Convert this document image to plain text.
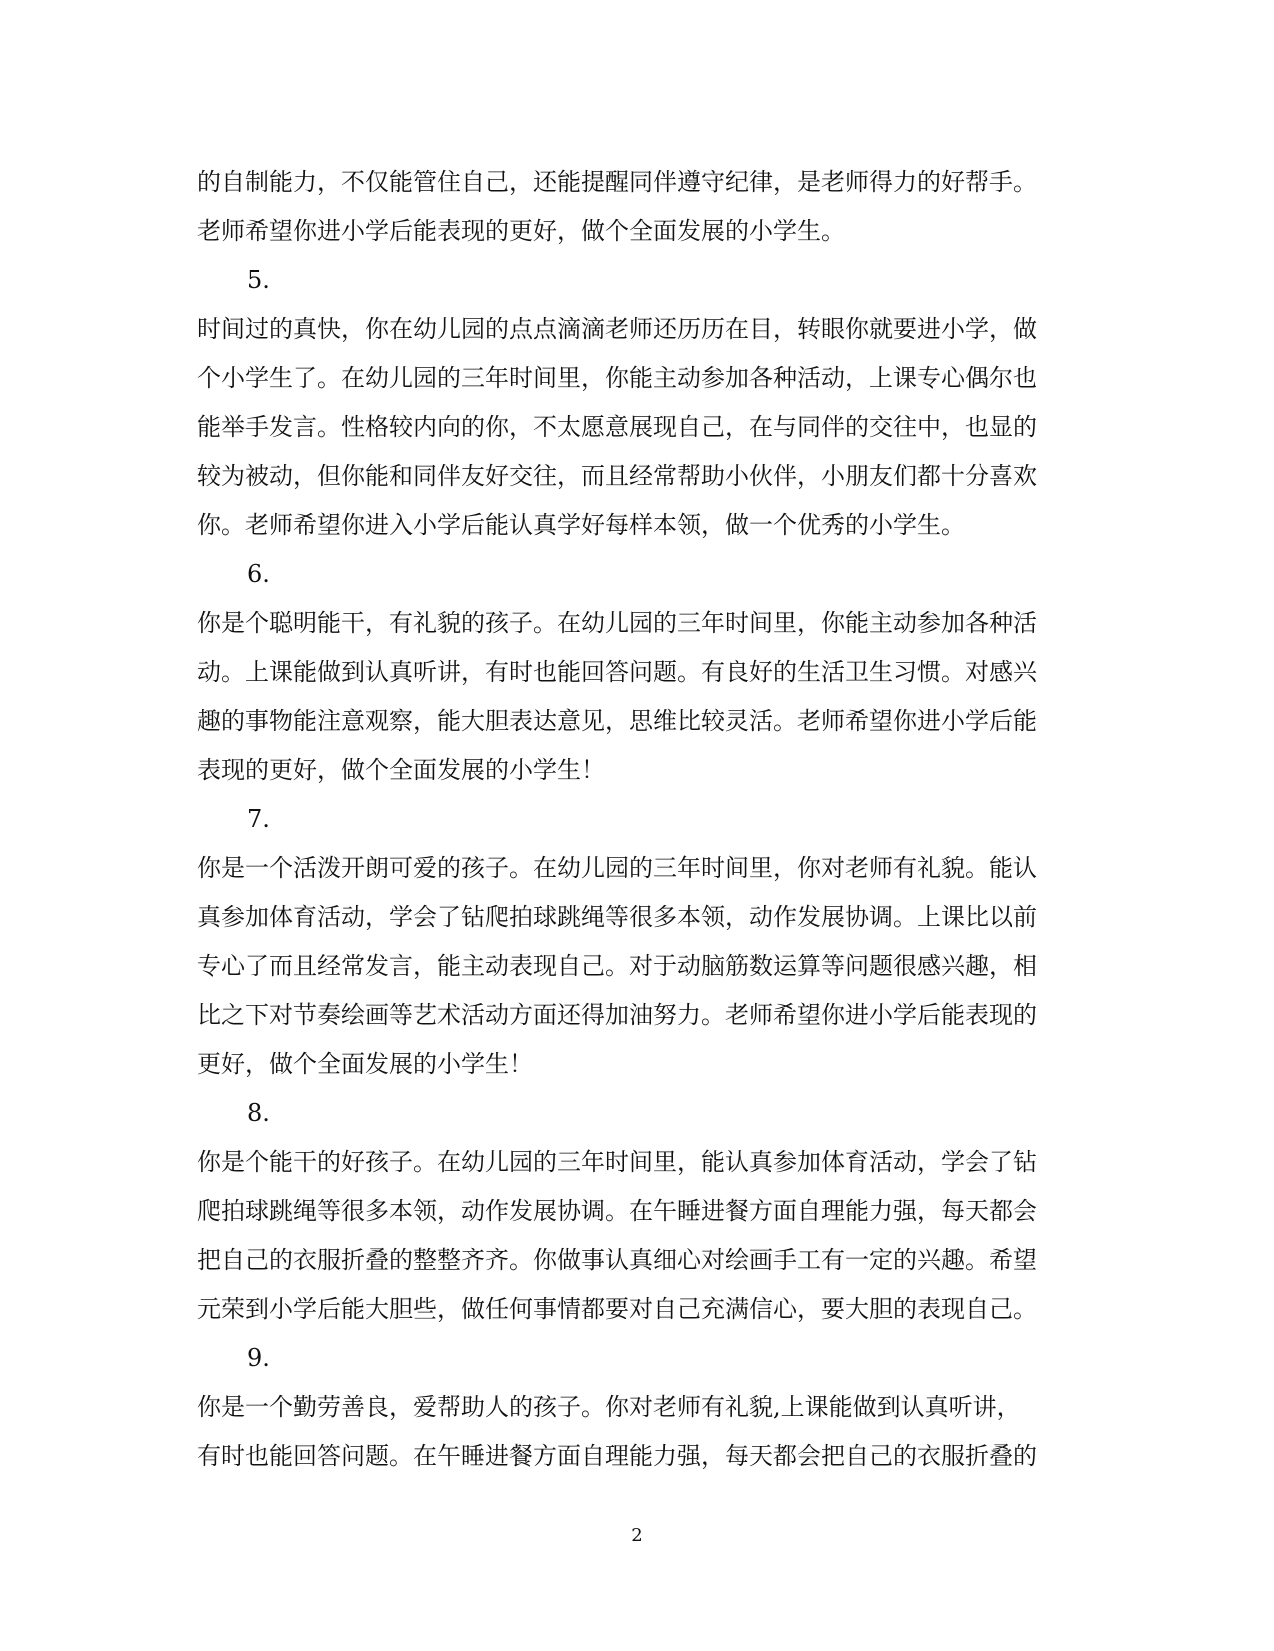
的自制能力，不仅能管住自己，还能提醒同伴遵守纪律，是老师得力的好帮手。
老师希望你进小学后能表现的更好，做个全面发展的小学生。
5.
时间过的真快，你在幼儿园的点点滴滴老师还历历在目，转眼你就要进小学，做
个小学生了。在幼儿园的三年时间里，你能主动参加各种活动，上课专心偶尔也
能举手发言。性格较内向的你，不太愿意展现自己，在与同伴的交往中，也显的
较为被动，但你能和同伴友好交往，而且经常帮助小伙伴，小朋友们都十分喜欢
你。老师希望你进入小学后能认真学好每样本领，做一个优秀的小学生。
6.
你是个聪明能干，有礼貌的孩子。在幼儿园的三年时间里，你能主动参加各种活
动。上课能做到认真听讲，有时也能回答问题。有良好的生活卫生习惯。对感兴
趣的事物能注意观察，能大胆表达意见，思维比较灵活。老师希望你进小学后能
表现的更好，做个全面发展的小学生！
7.
你是一个活泼开朗可爱的孩子。在幼儿园的三年时间里，你对老师有礼貌。能认
真参加体育活动，学会了钻爬拍球跳绳等很多本领，动作发展协调。上课比以前
专心了而且经常发言，能主动表现自己。对于动脑筋数运算等问题很感兴趣，相
比之下对节奏绘画等艺术活动方面还得加油努力。老师希望你进小学后能表现的
更好，做个全面发展的小学生！
8.
你是个能干的好孩子。在幼儿园的三年时间里，能认真参加体育活动，学会了钻
爬拍球跳绳等很多本领，动作发展协调。在午睡进餐方面自理能力强，每天都会
把自己的衣服折叠的整整齐齐。你做事认真细心对绘画手工有一定的兴趣。希望
元荣到小学后能大胆些，做任何事情都要对自己充满信心，要大胆的表现自己。
9.
你是一个勤劳善良，爱帮助人的孩子。你对老师有礼貌,上课能做到认真听讲，
有时也能回答问题。在午睡进餐方面自理能力强，每天都会把自己的衣服折叠的
2
